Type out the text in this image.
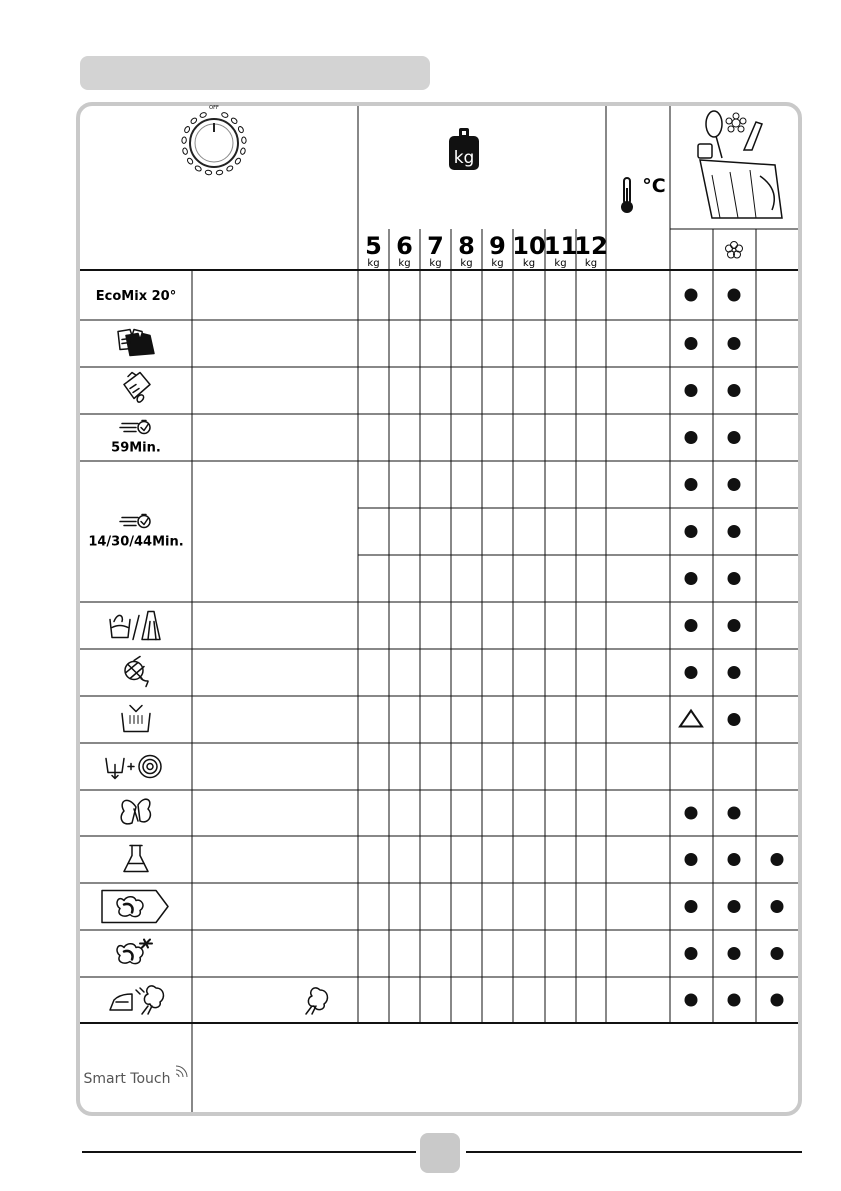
OFF
kg
5
kg
6
kg
7
kg
8
kg
9
kg
10
kg
11
kg
12
kg
°C
EcoMix 20°
59Min.
14/30/44Min.
Smart Touch
